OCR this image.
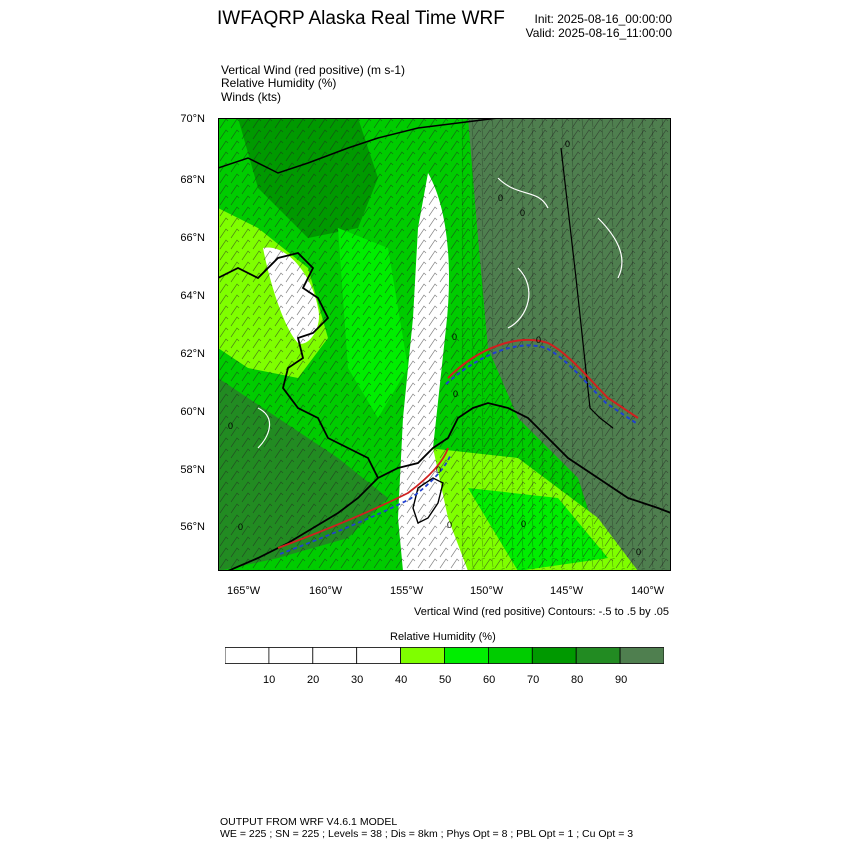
IWFAQRP Alaska Real Time WRF Init: 2025-08-16_00:00:00
Valid: 2025-08-16_11:00:00
Vertical Wind (red positive) (m s-1)
Relative Humidity (%)
Winds (kts)
0
0
0
0	0
0
0
0
0	0	0
0
70°N
68°N
66°N
64°N
62°N
60°N
58°N
56°N
165°W	160°W	155°W	150°W	145°W	140°W
Vertical Wind (red positive) Contours: -.5 to .5 by .05
Relative Humidity (%)
10	20	30	40	50	60	70	80	90
OUTPUT FROM WRF V4.6.1 MODEL
WE = 225 ; SN = 225 ; Levels = 38 ; Dis = 8km ; Phys Opt = 8 ; PBL Opt = 1 ; Cu Opt = 3
